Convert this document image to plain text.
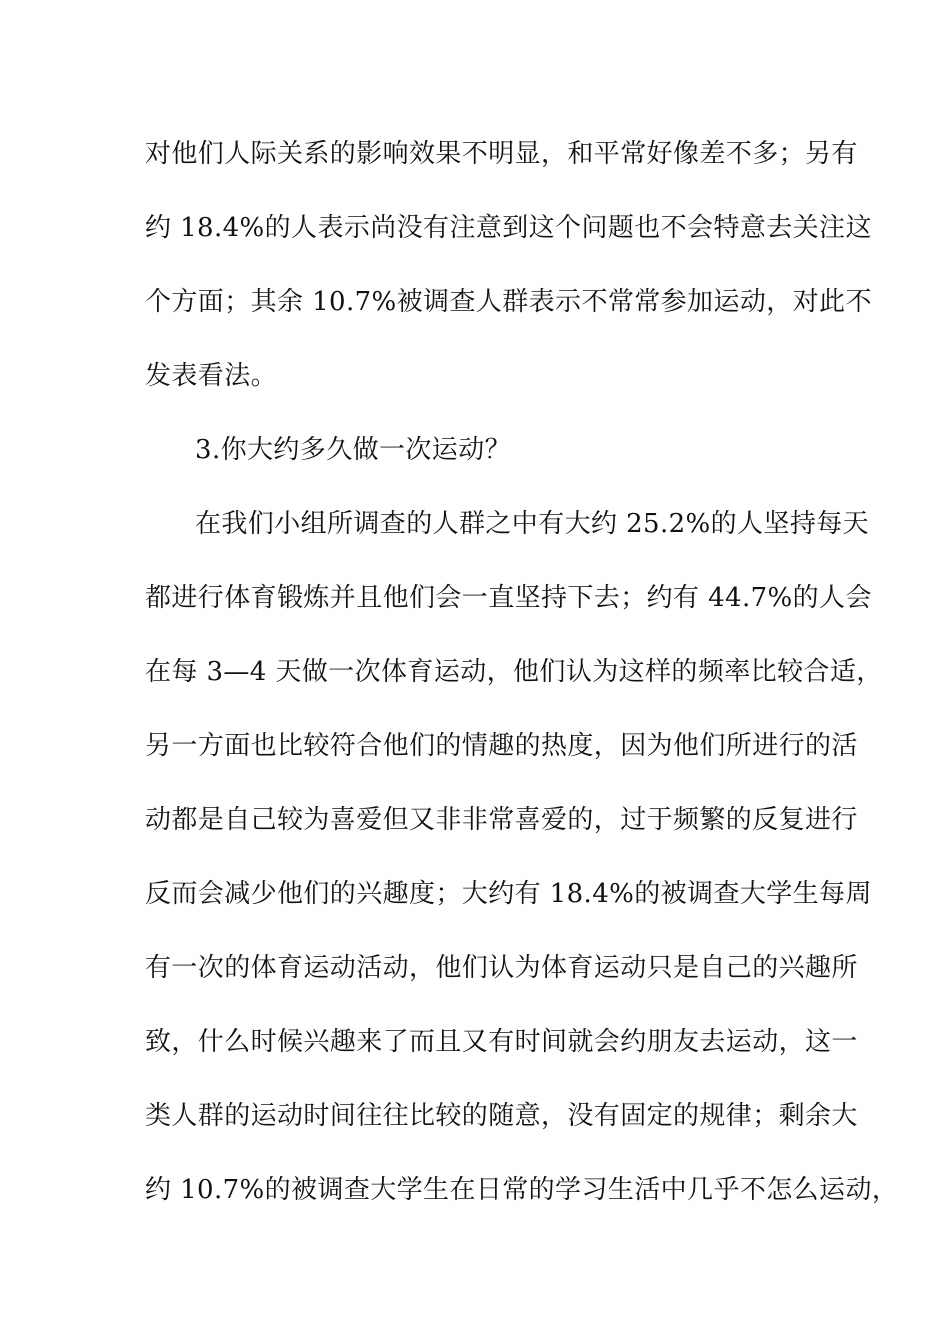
对他们人际关系的影响效果不明显，和平常好像差不多；另有
约 18.4%的人表示尚没有注意到这个问题也不会特意去关注这
个方面；其余 10.7%被调查人群表示不常常参加运动，对此不
发表看法。
3.你大约多久做一次运动？
在我们小组所调查的人群之中有大约 25.2%的人坚持每天
都进行体育锻炼并且他们会一直坚持下去；约有 44.7%的人会
在每 3—4 天做一次体育运动，他们认为这样的频率比较合适，
另一方面也比较符合他们的情趣的热度，因为他们所进行的活
动都是自己较为喜爱但又非非常喜爱的，过于频繁的反复进行
反而会减少他们的兴趣度；大约有 18.4%的被调查大学生每周
有一次的体育运动活动，他们认为体育运动只是自己的兴趣所
致，什么时候兴趣来了而且又有时间就会约朋友去运动，这一
类人群的运动时间往往比较的随意，没有固定的规律；剩余大
约 10.7%的被调查大学生在日常的学习生活中几乎不怎么运动，
